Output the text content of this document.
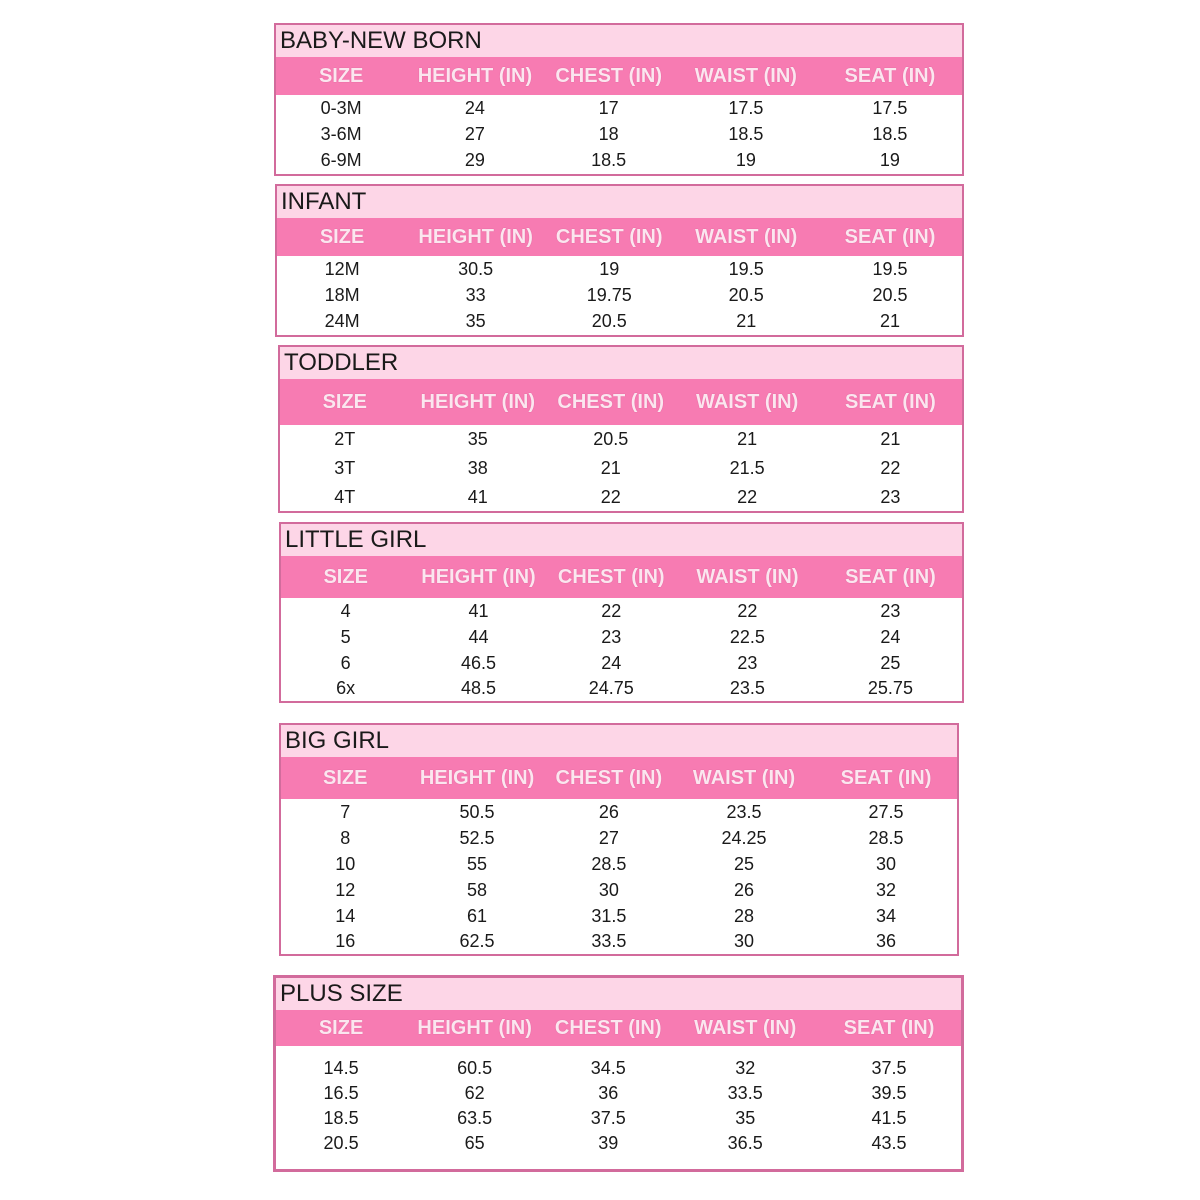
BABY-NEW BORN
SIZE	HEIGHT (IN)	CHEST (IN)	WAIST (IN)	SEAT (IN)
0-3M	24	17	17.5	17.5
3-6M	27	18	18.5	18.5
6-9M	29	18.5	19	19
INFANT
SIZE	HEIGHT (IN)	CHEST (IN)	WAIST (IN)	SEAT (IN)
12M	30.5	19	19.5	19.5
18M	33	19.75	20.5	20.5
24M	35	20.5	21	21
TODDLER
SIZE	HEIGHT (IN)	CHEST (IN)	WAIST (IN)	SEAT (IN)
2T	35	20.5	21	21
3T	38	21	21.5	22
4T	41	22	22	23
LITTLE GIRL
SIZE	HEIGHT (IN)	CHEST (IN)	WAIST (IN)	SEAT (IN)
4	41	22	22	23
5	44	23	22.5	24
6	46.5	24	23	25
6x	48.5	24.75	23.5	25.75
BIG GIRL
SIZE	HEIGHT (IN)	CHEST (IN)	WAIST (IN)	SEAT (IN)
7	50.5	26	23.5	27.5
8	52.5	27	24.25	28.5
10	55	28.5	25	30
12	58	30	26	32
14	61	31.5	28	34
16	62.5	33.5	30	36
PLUS SIZE
SIZE	HEIGHT (IN)	CHEST (IN)	WAIST (IN)	SEAT (IN)
14.5	60.5	34.5	32	37.5
16.5	62	36	33.5	39.5
18.5	63.5	37.5	35	41.5
20.5	65	39	36.5	43.5
